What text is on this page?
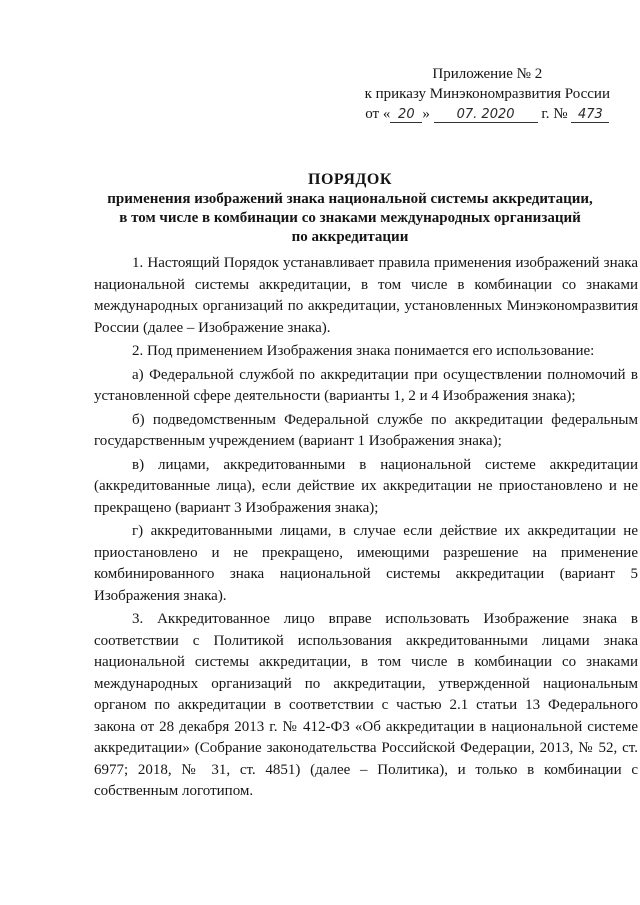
Приложение № 2
к приказу Минэкономразвития России
от « 20 » 07. 2020 г. № 473
ПОРЯДОК
применения изображений знака национальной системы аккредитации,
в том числе в комбинации со знаками международных организаций
по аккредитации

1. Настоящий Порядок устанавливает правила применения изображений знака национальной системы аккредитации, в том числе в комбинации со знаками международных организаций по аккредитации, установленных Минэкономразвития России (далее – Изображение знака).

2. Под применением Изображения знака понимается его использование:

а) Федеральной службой по аккредитации при осуществлении полномочий в установленной сфере деятельности (варианты 1, 2 и 4 Изображения знака);

б) подведомственным Федеральной службе по аккредитации федеральным государственным учреждением (вариант 1 Изображения знака);

в) лицами, аккредитованными в национальной системе аккредитации (аккредитованные лица), если действие их аккредитации не приостановлено и не прекращено (вариант 3 Изображения знака);

г) аккредитованными лицами, в случае если действие их аккредитации не приостановлено и не прекращено, имеющими разрешение на применение комбинированного знака национальной системы аккредитации (вариант 5 Изображения знака).

3. Аккредитованное лицо вправе использовать Изображение знака в соответствии с Политикой использования аккредитованными лицами знака национальной системы аккредитации, в том числе в комбинации со знаками международных организаций по аккредитации, утвержденной национальным органом по аккредитации в соответствии с частью 2.1 статьи 13 Федерального закона от 28 декабря 2013 г. № 412-ФЗ «Об аккредитации в национальной системе аккредитации» (Собрание законодательства Российской Федерации, 2013, № 52, ст. 6977; 2018, № 31, ст. 4851) (далее – Политика), и только в комбинации с собственным логотипом.
